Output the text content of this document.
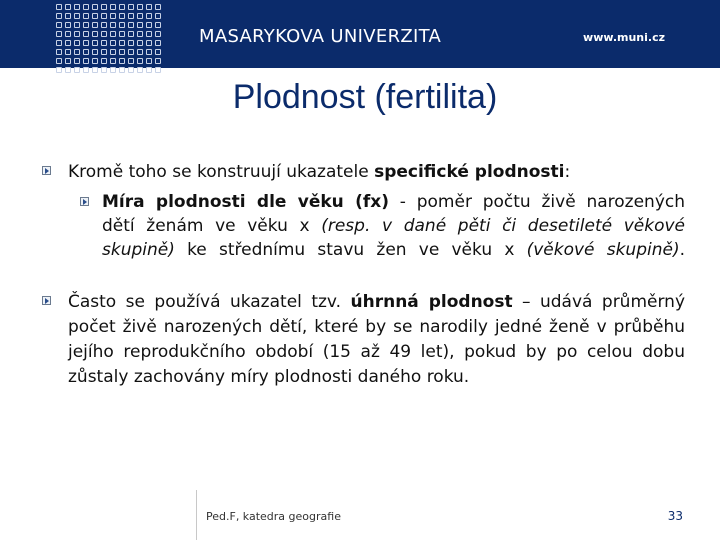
MASARYKOVA UNIVERZITA	www.muni.cz
Plodnost (fertilita)
Kromě toho se konstruují ukazatele specifické plodnosti:
Míra plodnosti dle věku (fx) - poměr počtu živě narozených
dětí ženám ve věku x (resp. v dané pěti či desetileté věkové
skupině) ke střednímu stavu žen ve věku x (věkové skupině).
Často se používá ukazatel tzv. úhrnná plodnost – udává průměrný
počet živě narozených dětí, které by se narodily jedné ženě v průběhu
jejího reprodukčního období (15 až 49 let), pokud by po celou dobu
zůstaly zachovány míry plodnosti daného roku.
Ped.F, katedra geografie	33
